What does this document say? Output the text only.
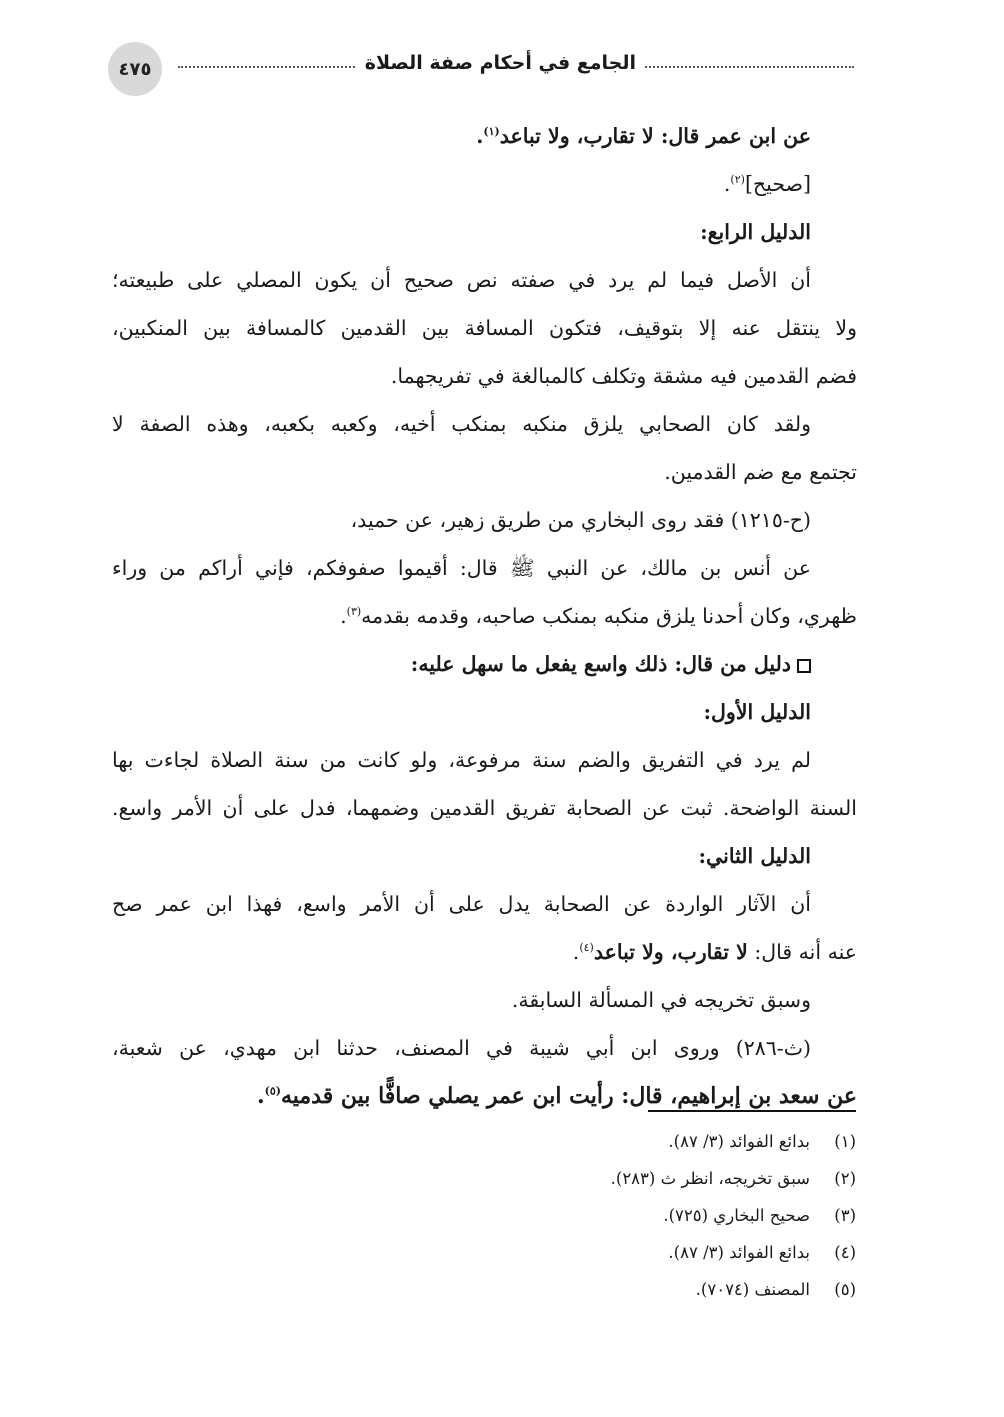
٤٧٥	الجامع في أحكام صفة الصلاة
عن ابن عمر قال: لا تقارب، ولا تباعد$^{(١)}$.
[صحيح]$^{(٢)}$.
الدليل الرابع:
أن الأصل فيما لم يرد في صفته نص صحيح أن يكون المصلي على طبيعته؛
ولا ينتقل عنه إلا بتوقيف، فتكون المسافة بين القدمين كالمسافة بين المنكبين،
فضم القدمين فيه مشقة وتكلف كالمبالغة في تفريجهما.
ولقد كان الصحابي يلزق منكبه بمنكب أخيه، وكعبه بكعبه، وهذه الصفة لا
تجتمع مع ضم القدمين.
(ح-١٢١٥) فقد روى البخاري من طريق زهير، عن حميد،
عن أنس بن مالك، عن النبي ﷺ قال: أقيموا صفوفكم، فإني أراكم من وراء
ظهري، وكان أحدنا يلزق منكبه بمنكب صاحبه، وقدمه بقدمه$^{(٣)}$.
دليل من قال: ذلك واسع يفعل ما سهل عليه:
الدليل الأول:
لم يرد في التفريق والضم سنة مرفوعة، ولو كانت من سنة الصلاة لجاءت بها
السنة الواضحة. ثبت عن الصحابة تفريق القدمين وضمهما، فدل على أن الأمر واسع.
الدليل الثاني:
أن الآثار الواردة عن الصحابة يدل على أن الأمر واسع، فهذا ابن عمر صح
عنه أنه قال: لا تقارب، ولا تباعد$^{(٤)}$.
وسبق تخريجه في المسألة السابقة.
(ث-٢٨٦) وروى ابن أبي شيبة في المصنف، حدثنا ابن مهدي، عن شعبة،
عن سعد بن إبراهيم، قال: رأيت ابن عمر يصلي صافًّا بين قدميه$^{(٥)}$.
(١)بدائع الفوائد (٣/ ٨٧).
(٢)سبق تخريجه، انظر ث (٢٨٣).
(٣)صحيح البخاري (٧٢٥).
(٤)بدائع الفوائد (٣/ ٨٧).
(٥)المصنف (٧٠٧٤).
